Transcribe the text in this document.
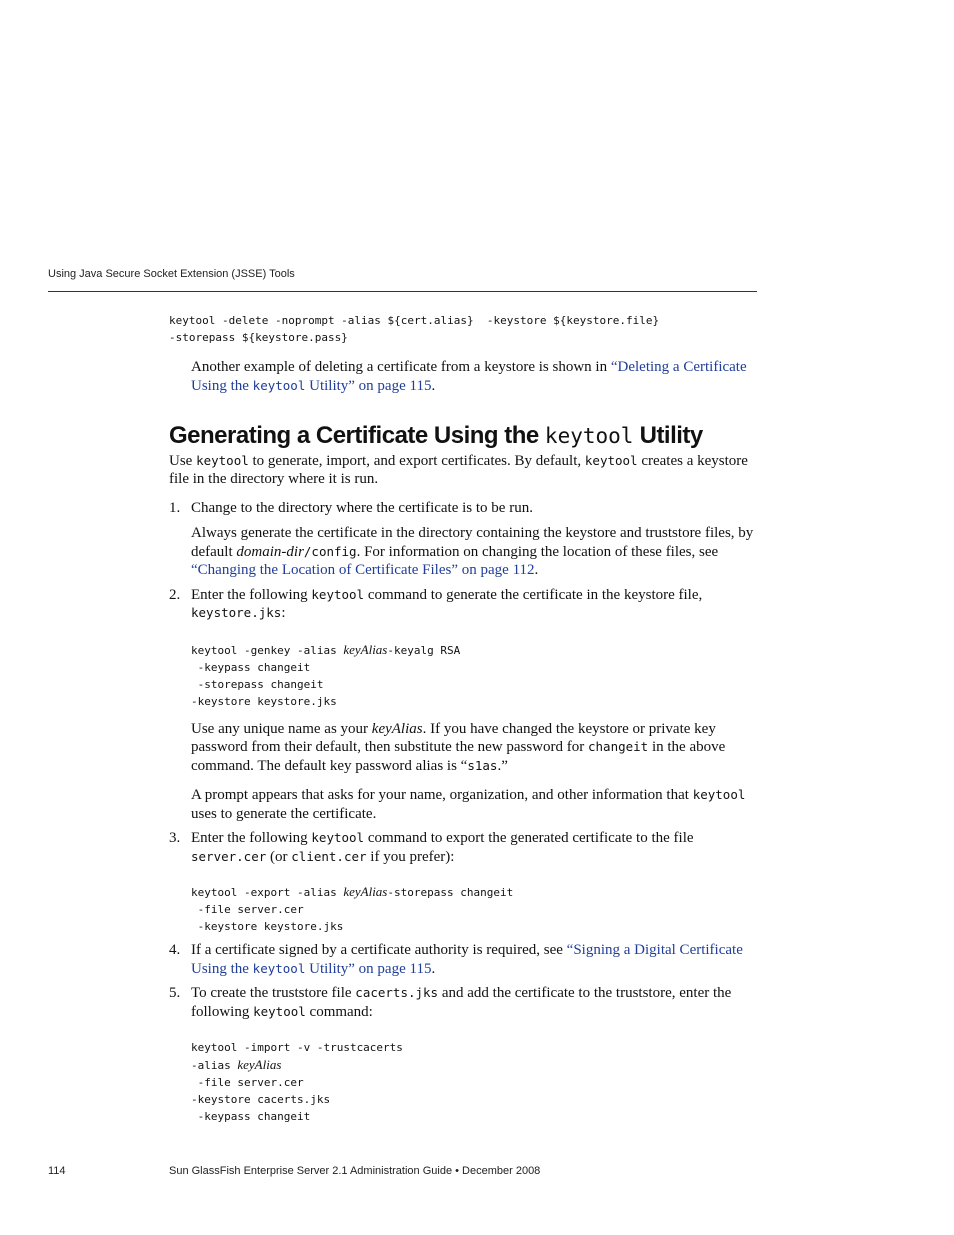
Using Java Secure Socket Extension (JSSE) Tools
keytool -delete -noprompt -alias ${cert.alias}  -keystore ${keystore.file}
-storepass ${keystore.pass}

Another example of deleting a certificate from a keystore is shown in “Deleting a Certificate Using the keytool Utility” on page 115.

Generating a Certificate Using the keytool Utility

Use keytool to generate, import, and export certificates. By default, keytool creates a keystore file in the directory where it is run.

1. Change to the directory where the certificate is to be run.

Always generate the certificate in the directory containing the keystore and truststore files, by default domain-dir/config. For information on changing the location of these files, see “Changing the Location of Certificate Files” on page 112.

2. Enter the following keytool command to generate the certificate in the keystore file, keystore.jks:

keytool -genkey -alias keyAlias-keyalg RSA
-keypass changeit
-storepass changeit
-keystore keystore.jks

Use any unique name as your keyAlias. If you have changed the keystore or private key password from their default, then substitute the new password for changeit in the above command. The default key password alias is “s1as.”

A prompt appears that asks for your name, organization, and other information that keytool uses to generate the certificate.

3. Enter the following keytool command to export the generated certificate to the file server.cer (or client.cer if you prefer):

keytool -export -alias keyAlias-storepass changeit
-file server.cer
-keystore keystore.jks
4. If a certificate signed by a certificate authority is required, see “Signing a Digital Certificate Using the keytool Utility” on page 115.

5. To create the truststore file cacerts.jks and add the certificate to the truststore, enter the following keytool command:

keytool -import -v -trustcacerts
-alias keyAlias
-file server.cer
-keystore cacerts.jks
-keypass changeit
114	Sun GlassFish Enterprise Server 2.1 Administration Guide • December 2008
